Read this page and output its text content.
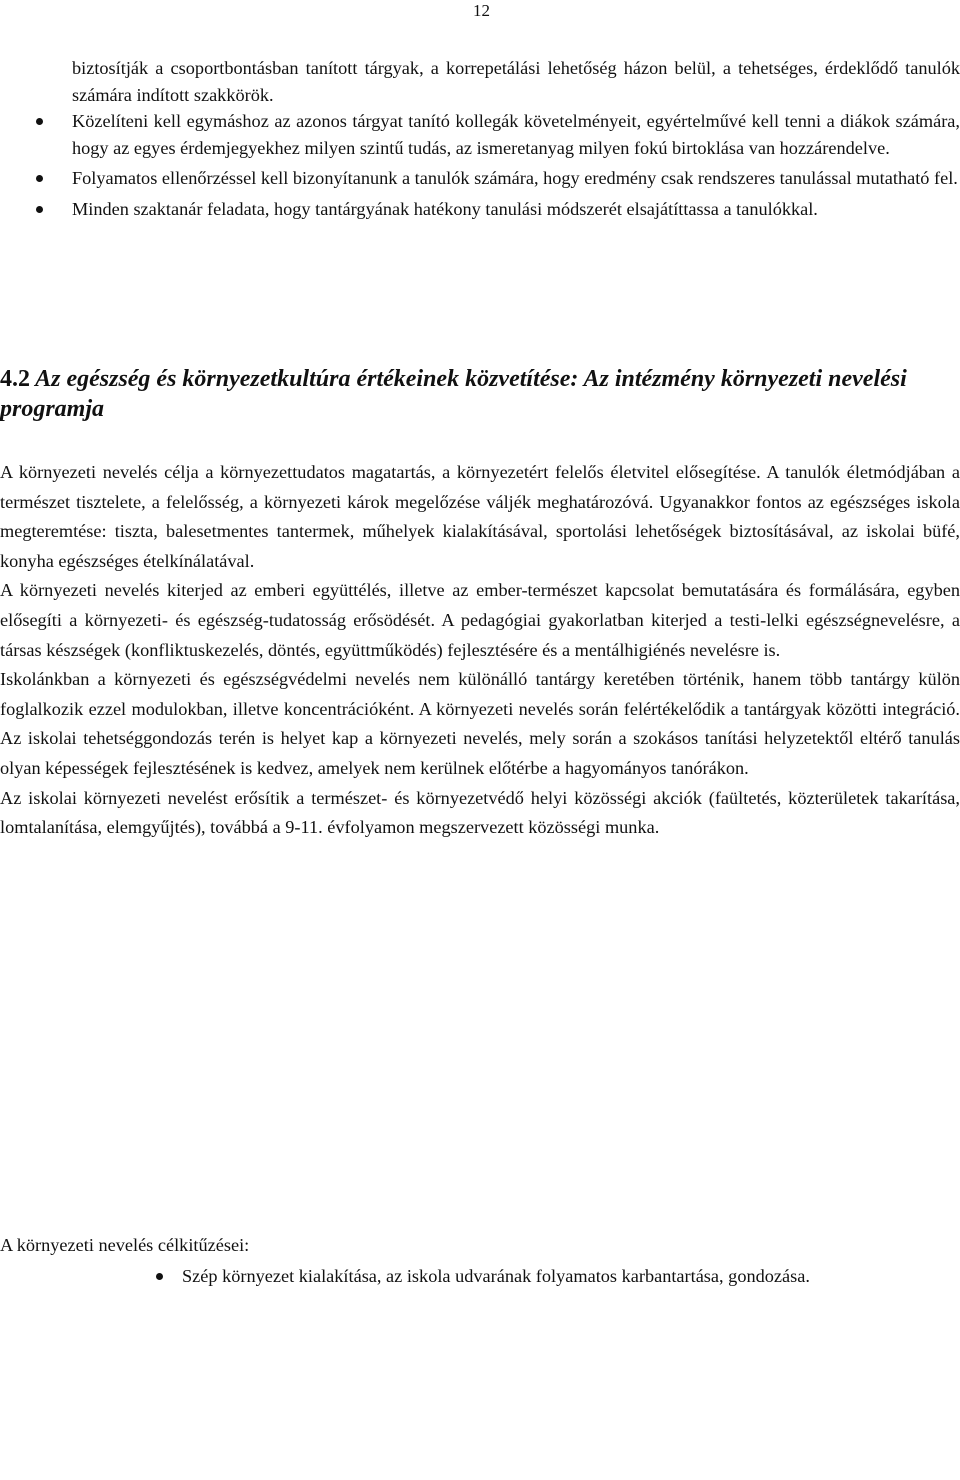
12

biztosítják a csoportbontásban tanított tárgyak, a korrepetálási lehetőség házon belül, a tehetséges, érdeklődő tanulók számára indított szakkörök.

Közelíteni kell egymáshoz az azonos tárgyat tanító kollegák követelményeit, egyértelművé kell tenni a diákok számára, hogy az egyes érdemjegyekhez milyen szintű tudás, az ismeretanyag milyen fokú birtoklása van hozzárendelve.
Folyamatos ellenőrzéssel kell bizonyítanunk a tanulók számára, hogy eredmény csak rendszeres tanulással mutatható fel.
Minden szaktanár feladata, hogy tantárgyának hatékony tanulási módszerét elsajátíttassa a tanulókkal.
4.2 Az egészség és környezetkultúra értékeinek közvetítése: Az intézmény környezeti nevelési programja

A környezeti nevelés célja a környezettudatos magatartás, a környezetért felelős életvitel elősegítése. A tanulók életmódjában a természet tisztelete, a felelősség, a környezeti károk megelőzése váljék meghatározóvá. Ugyanakkor fontos az egészséges iskola megteremtése: tiszta, balesetmentes tantermek, műhelyek kialakításával, sportolási lehetőségek biztosításával, az iskolai büfé, konyha egészséges ételkínálatával.

A környezeti nevelés kiterjed az emberi együttélés, illetve az ember-természet kapcsolat bemutatására és formálására, egyben elősegíti a környezeti- és egészség-tudatosság erősödését. A pedagógiai gyakorlatban kiterjed a testi-lelki egészségnevelésre, a társas készségek (konfliktuskezelés, döntés, együttműködés) fejlesztésére és a mentálhigiénés nevelésre is.

Iskolánkban a környezeti és egészségvédelmi nevelés nem különálló tantárgy keretében történik, hanem több tantárgy külön foglalkozik ezzel modulokban, illetve koncentrációként. A környezeti nevelés során felértékelődik a tantárgyak közötti integráció. Az iskolai tehetséggondozás terén is helyet kap a környezeti nevelés, mely során a szokásos tanítási helyzetektől eltérő tanulás olyan képességek fejlesztésének is kedvez, amelyek nem kerülnek előtérbe a hagyományos tanórákon.

Az iskolai környezeti nevelést erősítik a természet- és környezetvédő helyi közösségi akciók (faültetés, közterületek takarítása, lomtalanítása, elemgyűjtés), továbbá a 9-11. évfolyamon megszervezett közösségi munka.

A környezeti nevelés célkitűzései:

Szép környezet kialakítása, az iskola udvarának folyamatos karbantartása, gondozása.
